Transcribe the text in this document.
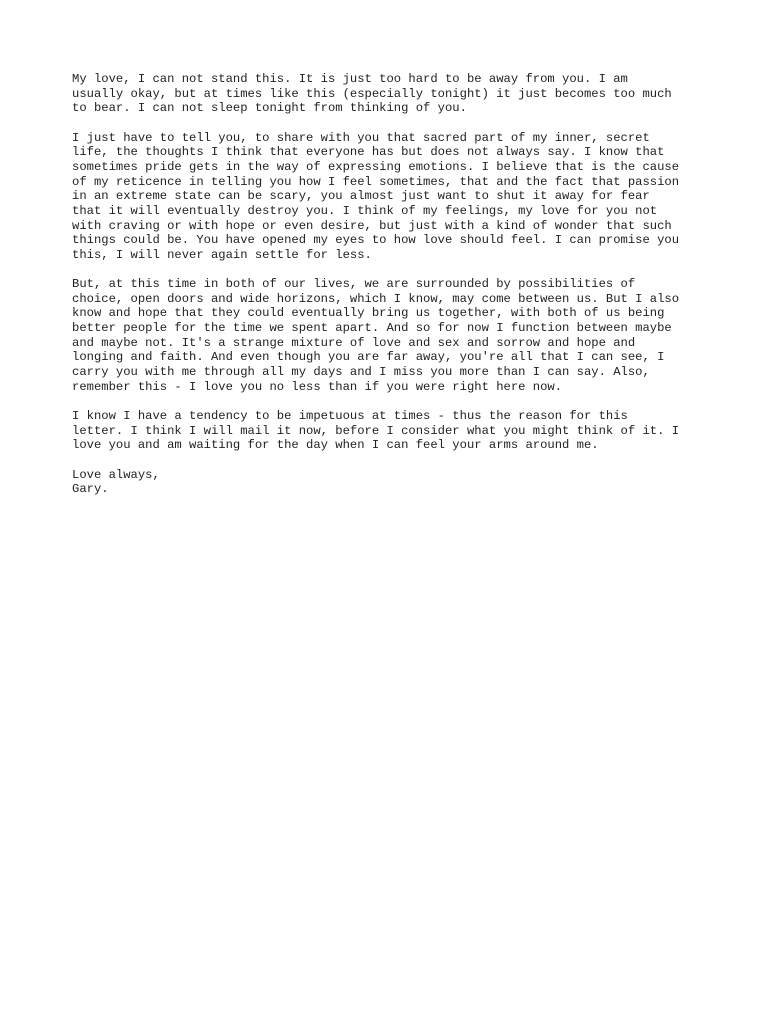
My love, I can not stand this. It is just too hard to be away from you. I am
usually okay, but at times like this (especially tonight) it just becomes too much
to bear. I can not sleep tonight from thinking of you.
I just have to tell you, to share with you that sacred part of my inner, secret
life, the thoughts I think that everyone has but does not always say. I know that
sometimes pride gets in the way of expressing emotions. I believe that is the cause
of my reticence in telling you how I feel sometimes, that and the fact that passion
in an extreme state can be scary, you almost just want to shut it away for fear
that it will eventually destroy you. I think of my feelings, my love for you not
with craving or with hope or even desire, but just with a kind of wonder that such
things could be. You have opened my eyes to how love should feel. I can promise you
this, I will never again settle for less.
But, at this time in both of our lives, we are surrounded by possibilities of
choice, open doors and wide horizons, which I know, may come between us. But I also
know and hope that they could eventually bring us together, with both of us being
better people for the time we spent apart. And so for now I function between maybe
and maybe not. It's a strange mixture of love and sex and sorrow and hope and
longing and faith. And even though you are far away, you're all that I can see, I
carry you with me through all my days and I miss you more than I can say. Also,
remember this - I love you no less than if you were right here now.
I know I have a tendency to be impetuous at times - thus the reason for this
letter. I think I will mail it now, before I consider what you might think of it. I
love you and am waiting for the day when I can feel your arms around me.
Love always,
Gary.
